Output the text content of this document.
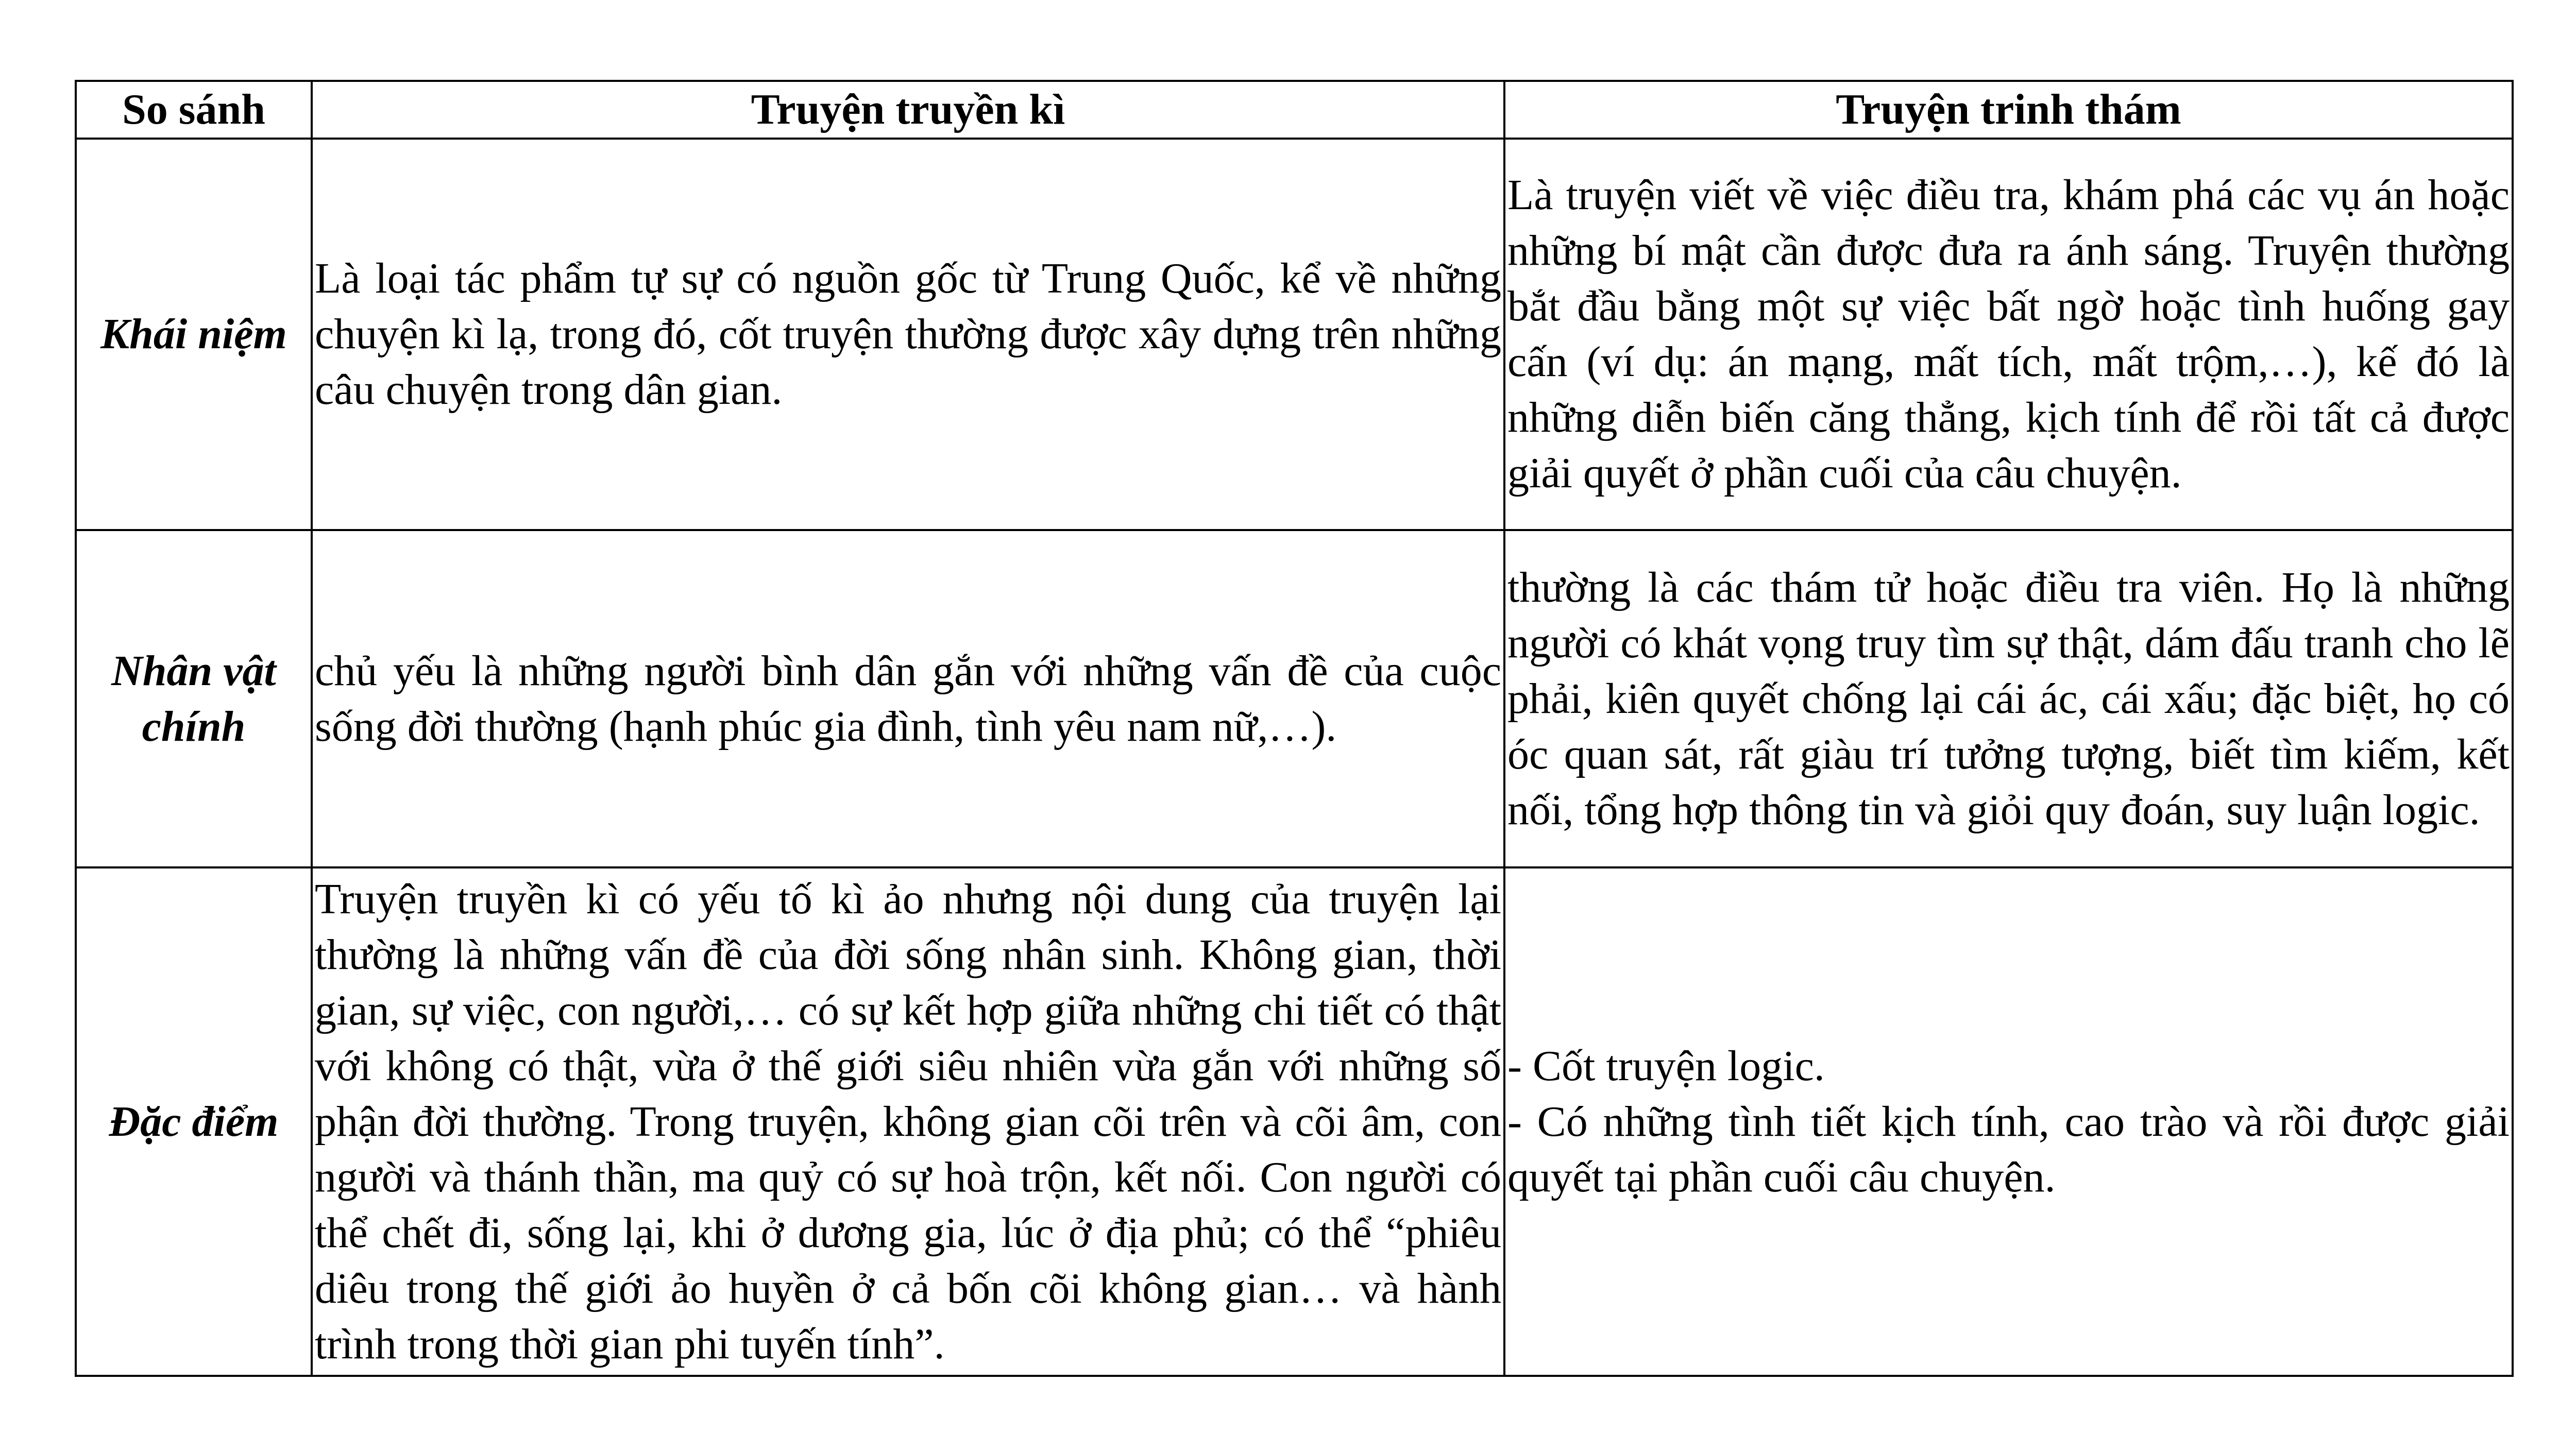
So sánh	Truyện truyền kì	Truyện trinh thám
Khái niệm	Là loại tác phẩm tự sự có nguồn gốc từ Trung Quốc, kể về những chuyện kì lạ, trong đó, cốt truyện thường được xây dựng trên những câu chuyện trong dân gian.	Là truyện viết về việc điều tra, khám phá các vụ án hoặc những bí mật cần được đưa ra ánh sáng. Truyện thường bắt đầu bằng một sự việc bất ngờ hoặc tình huống gay cấn (ví dụ: án mạng, mất tích, mất trộm,…), kế đó là những diễn biến căng thẳng, kịch tính để rồi tất cả được giải quyết ở phần cuối của câu chuyện.
Nhân vật chính	chủ yếu là những người bình dân gắn với những vấn đề của cuộc sống đời thường (hạnh phúc gia đình, tình yêu nam nữ,…).	thường là các thám tử hoặc điều tra viên. Họ là những người có khát vọng truy tìm sự thật, dám đấu tranh cho lẽ phải, kiên quyết chống lại cái ác, cái xấu; đặc biệt, họ có óc quan sát, rất giàu trí tưởng tượng, biết tìm kiếm, kết nối, tổng hợp thông tin và giỏi quy đoán, suy luận logic.
Đặc điểm	Truyện truyền kì có yếu tố kì ảo nhưng nội dung của truyện lại thường là những vấn đề của đời sống nhân sinh. Không gian, thời gian, sự việc, con người,… có sự kết hợp giữa những chi tiết có thật với không có thật, vừa ở thế giới siêu nhiên vừa gắn với những số phận đời thường. Trong truyện, không gian cõi trên và cõi âm, con người và thánh thần, ma quỷ có sự hoà trộn, kết nối. Con người có thể chết đi, sống lại, khi ở dương gia, lúc ở địa phủ; có thể “phiêu diêu trong thế giới ảo huyền ở cả bốn cõi không gian… và hành trình trong thời gian phi tuyến tính”.	- Cốt truyện logic.
- Có những tình tiết kịch tính, cao trào và rồi được giải quyết tại phần cuối câu chuyện.
